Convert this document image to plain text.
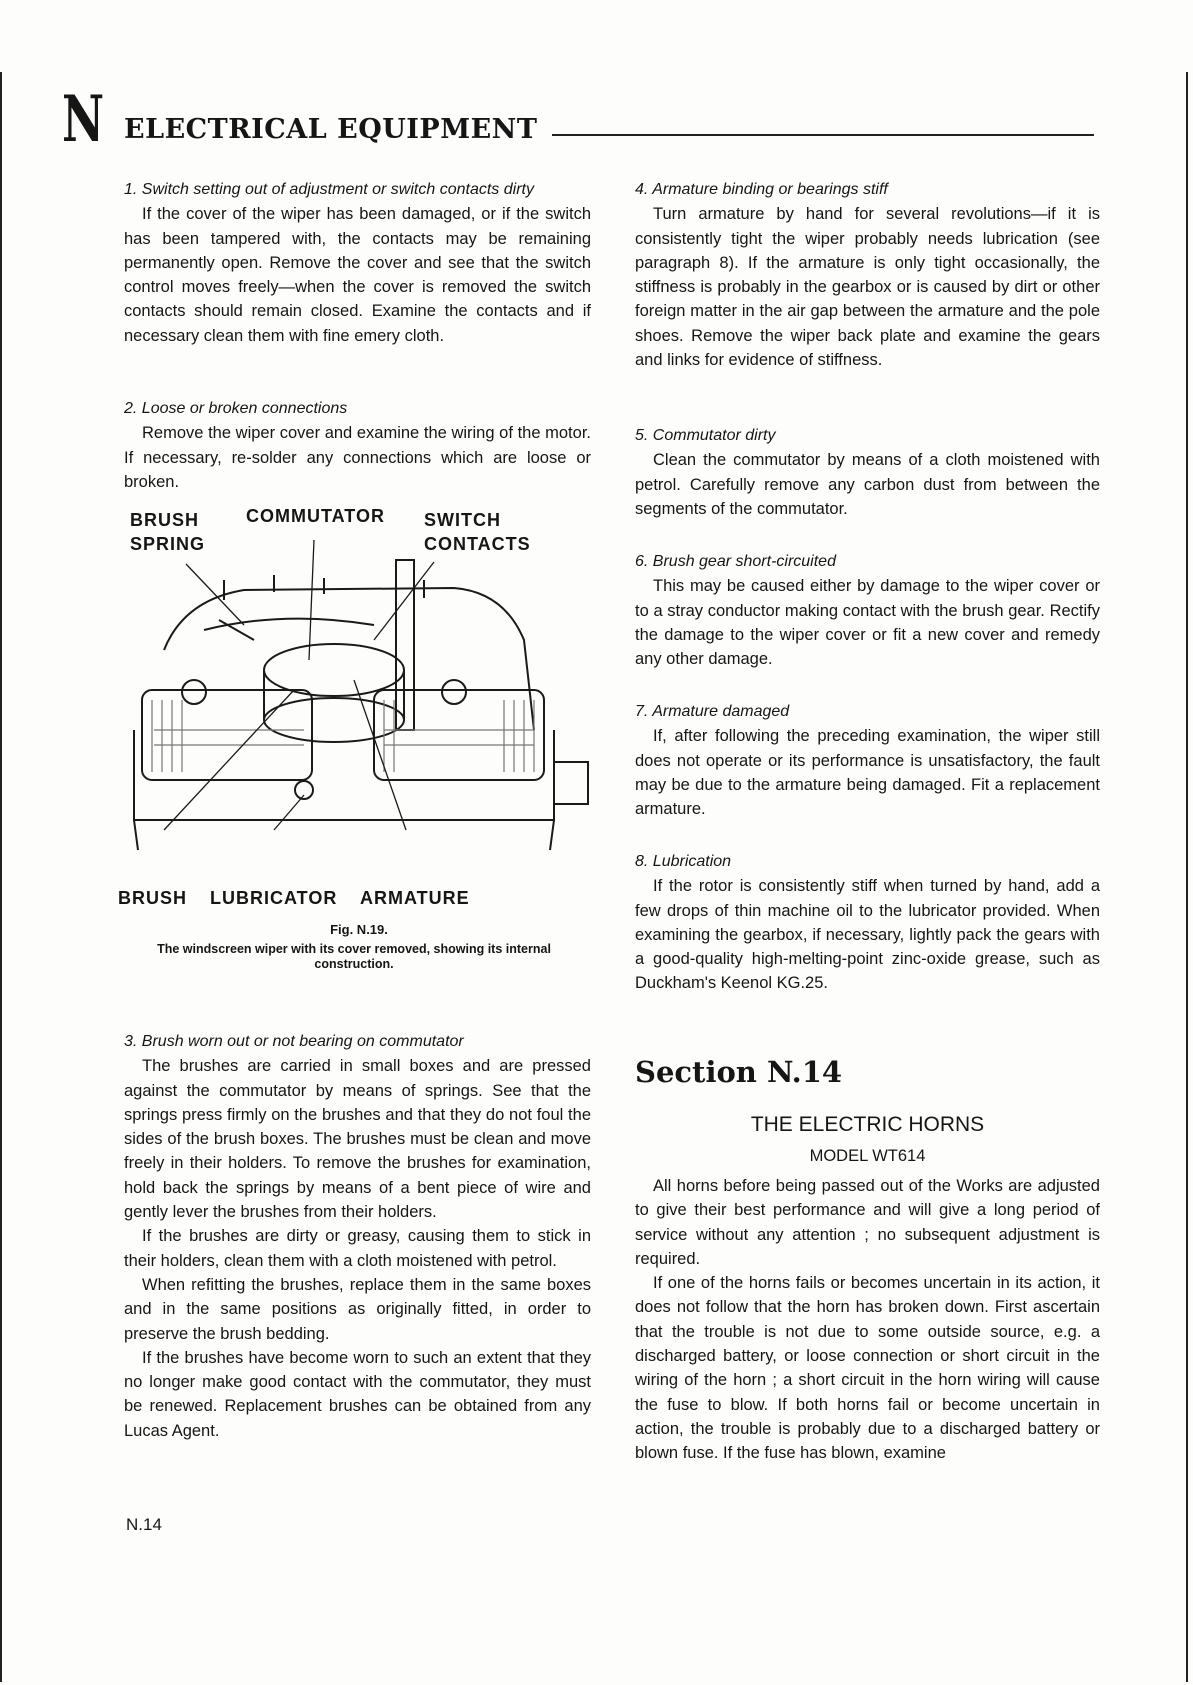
N ELECTRICAL EQUIPMENT
1. Switch setting out of adjustment or switch contacts dirty

If the cover of the wiper has been damaged, or if the switch has been tampered with, the contacts may be remaining permanently open. Remove the cover and see that the switch control moves freely—when the cover is removed the switch contacts should remain closed. Examine the contacts and if necessary clean them with fine emery cloth.

2. Loose or broken connections

Remove the wiper cover and examine the wiring of the motor. If necessary, re-solder any connections which are loose or broken.

BRUSH
SPRING
COMMUTATOR SWITCH
CONTACTS
BRUSH LUBRICATOR ARMATURE
Fig. N.19.
The windscreen wiper with its cover removed, showing its internal construction.
3. Brush worn out or not bearing on commutator

The brushes are carried in small boxes and are pressed against the commutator by means of springs. See that the springs press firmly on the brushes and that they do not foul the sides of the brush boxes. The brushes must be clean and move freely in their holders. To remove the brushes for examination, hold back the springs by means of a bent piece of wire and gently lever the brushes from their holders.

If the brushes are dirty or greasy, causing them to stick in their holders, clean them with a cloth moistened with petrol.

When refitting the brushes, replace them in the same boxes and in the same positions as originally fitted, in order to preserve the brush bedding.

If the brushes have become worn to such an extent that they no longer make good contact with the commutator, they must be renewed. Replacement brushes can be obtained from any Lucas Agent.

4. Armature binding or bearings stiff

Turn armature by hand for several revolutions—if it is consistently tight the wiper probably needs lubrication (see paragraph 8). If the armature is only tight occasionally, the stiffness is probably in the gearbox or is caused by dirt or other foreign matter in the air gap between the armature and the pole shoes. Remove the wiper back plate and examine the gears and links for evidence of stiffness.

5. Commutator dirty

Clean the commutator by means of a cloth moistened with petrol. Carefully remove any carbon dust from between the segments of the commutator.

6. Brush gear short-circuited

This may be caused either by damage to the wiper cover or to a stray conductor making contact with the brush gear. Rectify the damage to the wiper cover or fit a new cover and remedy any other damage.

7. Armature damaged

If, after following the preceding examination, the wiper still does not operate or its performance is unsatisfactory, the fault may be due to the armature being damaged. Fit a replacement armature.

8. Lubrication

If the rotor is consistently stiff when turned by hand, add a few drops of thin machine oil to the lubricator provided. When examining the gearbox, if necessary, lightly pack the gears with a good-quality high-melting-point zinc-oxide grease, such as Duckham's Keenol KG.25.

Section N.14
THE ELECTRIC HORNS
MODEL WT614

All horns before being passed out of the Works are adjusted to give their best performance and will give a long period of service without any attention ; no subsequent adjustment is required.

If one of the horns fails or becomes uncertain in its action, it does not follow that the horn has broken down. First ascertain that the trouble is not due to some outside source, e.g. a discharged battery, or loose connection or short circuit in the wiring of the horn ; a short circuit in the horn wiring will cause the fuse to blow. If both horns fail or become uncertain in action, the trouble is probably due to a discharged battery or blown fuse. If the fuse has blown, examine

N.14
